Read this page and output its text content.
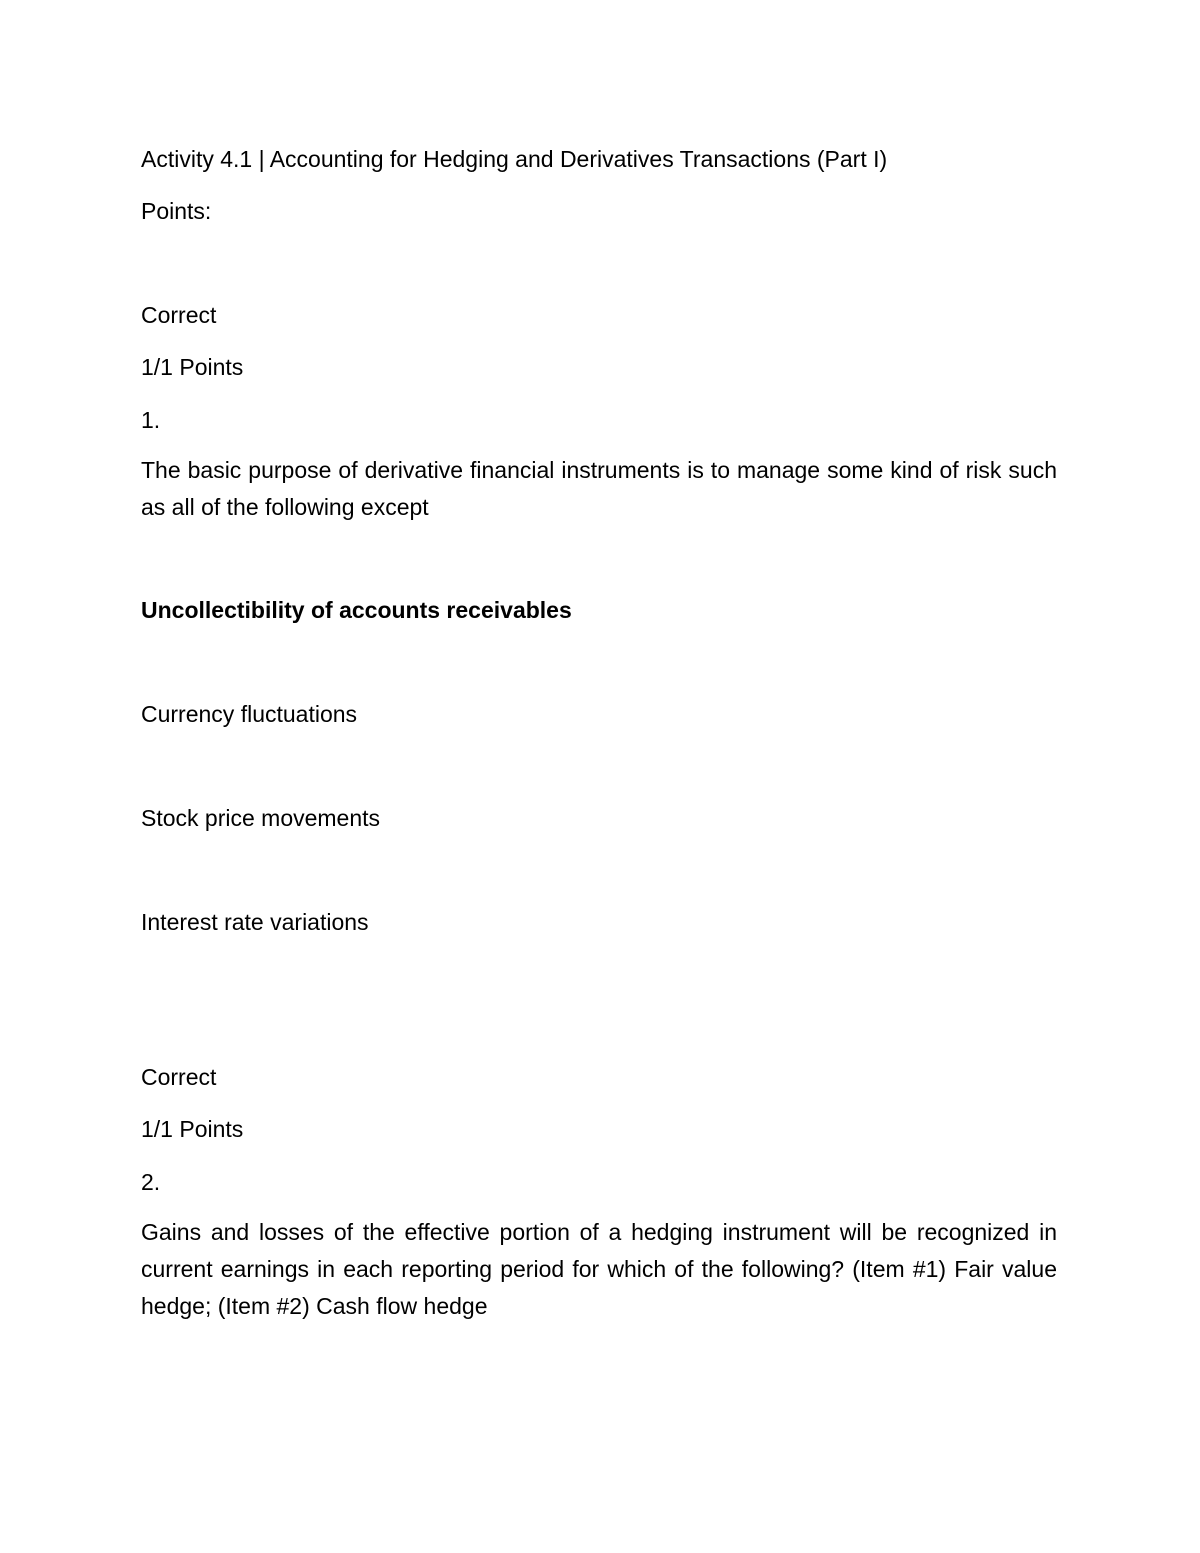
Activity 4.1 | Accounting for Hedging and Derivatives Transactions (Part I)
Points:
Correct
1/1 Points
1.
The basic purpose of derivative financial instruments is to manage some kind of risk such as all of the following except
Uncollectibility of accounts receivables
Currency fluctuations
Stock price movements
Interest rate variations
Correct
1/1 Points
2.
Gains and losses of the effective portion of a hedging instrument will be recognized in current earnings in each reporting period for which of the following? (Item #1) Fair value hedge; (Item #2) Cash flow hedge
